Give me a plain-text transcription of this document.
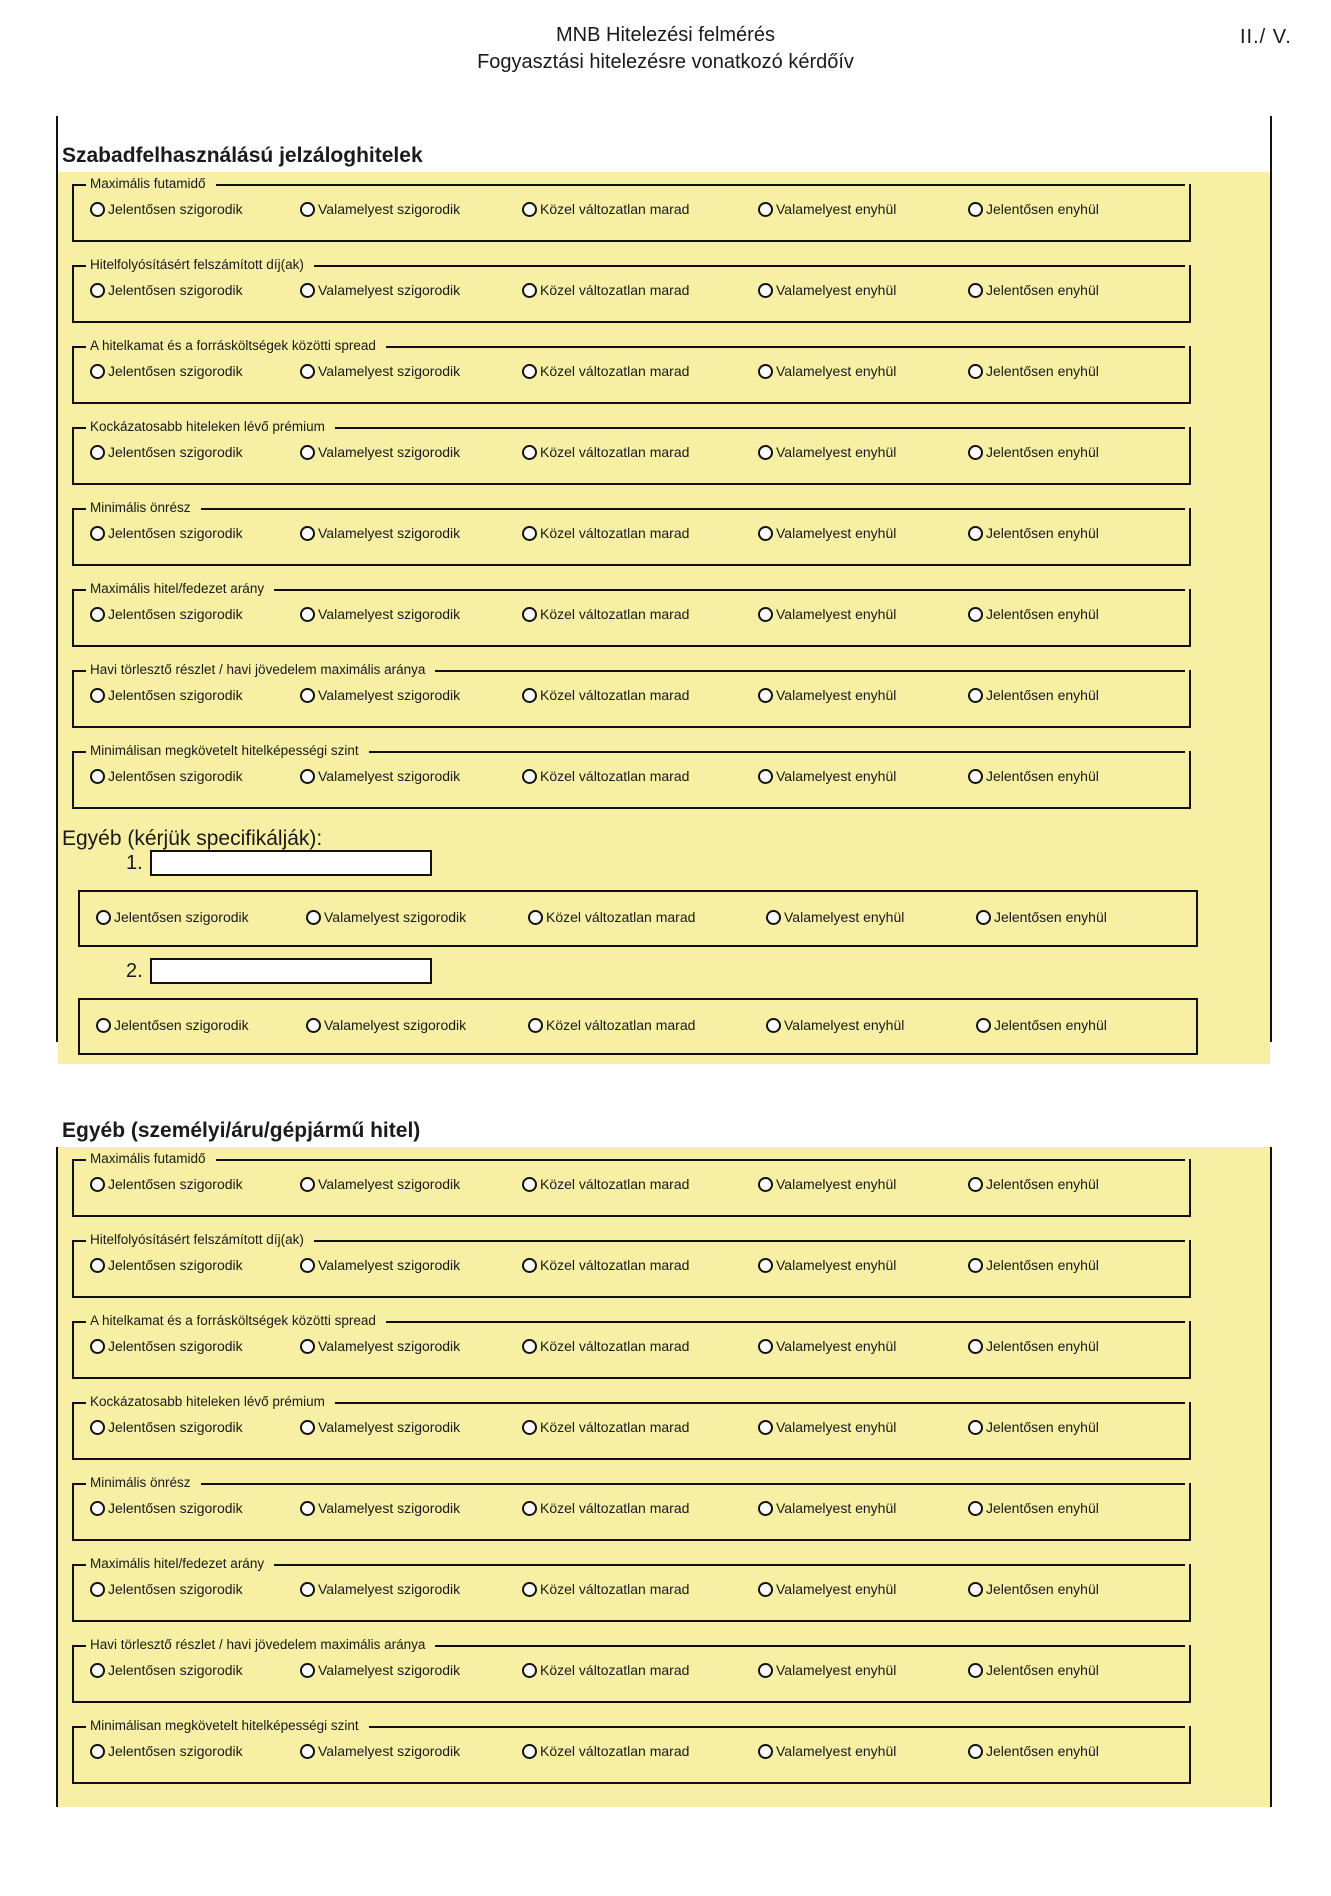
MNB Hitelezési felmérés
Fogyasztási hitelezésre vonatkozó kérdőív
II./ V.
Szabadfelhasználású jelzáloghitelek
Maximális futamidő
Jelentősen szigorodik	Valamelyest szigorodik	Közel változatlan marad	Valamelyest enyhül	Jelentősen enyhül
Hitelfolyósításért felszámított díj(ak)
Jelentősen szigorodik	Valamelyest szigorodik	Közel változatlan marad	Valamelyest enyhül	Jelentősen enyhül
A hitelkamat és a forrásköltségek közötti spread
Jelentősen szigorodik	Valamelyest szigorodik	Közel változatlan marad	Valamelyest enyhül	Jelentősen enyhül
Kockázatosabb hiteleken lévő prémium
Jelentősen szigorodik	Valamelyest szigorodik	Közel változatlan marad	Valamelyest enyhül	Jelentősen enyhül
Minimális önrész
Jelentősen szigorodik	Valamelyest szigorodik	Közel változatlan marad	Valamelyest enyhül	Jelentősen enyhül
Maximális hitel/fedezet arány
Jelentősen szigorodik	Valamelyest szigorodik	Közel változatlan marad	Valamelyest enyhül	Jelentősen enyhül
Havi törlesztő részlet / havi jövedelem maximális aránya
Jelentősen szigorodik	Valamelyest szigorodik	Közel változatlan marad	Valamelyest enyhül	Jelentősen enyhül
Minimálisan megkövetelt hitelképességi szint
Jelentősen szigorodik	Valamelyest szigorodik	Közel változatlan marad	Valamelyest enyhül	Jelentősen enyhül
Egyéb (kérjük specifikálják):
1.
Jelentősen szigorodik	Valamelyest szigorodik	Közel változatlan marad	Valamelyest enyhül	Jelentősen enyhül
2.
Jelentősen szigorodik	Valamelyest szigorodik	Közel változatlan marad	Valamelyest enyhül	Jelentősen enyhül
Egyéb (személyi/áru/gépjármű hitel)
Maximális futamidő
Jelentősen szigorodik	Valamelyest szigorodik	Közel változatlan marad	Valamelyest enyhül	Jelentősen enyhül
Hitelfolyósításért felszámított díj(ak)
Jelentősen szigorodik	Valamelyest szigorodik	Közel változatlan marad	Valamelyest enyhül	Jelentősen enyhül
A hitelkamat és a forrásköltségek közötti spread
Jelentősen szigorodik	Valamelyest szigorodik	Közel változatlan marad	Valamelyest enyhül	Jelentősen enyhül
Kockázatosabb hiteleken lévő prémium
Jelentősen szigorodik	Valamelyest szigorodik	Közel változatlan marad	Valamelyest enyhül	Jelentősen enyhül
Minimális önrész
Jelentősen szigorodik	Valamelyest szigorodik	Közel változatlan marad	Valamelyest enyhül	Jelentősen enyhül
Maximális hitel/fedezet arány
Jelentősen szigorodik	Valamelyest szigorodik	Közel változatlan marad	Valamelyest enyhül	Jelentősen enyhül
Havi törlesztő részlet / havi jövedelem maximális aránya
Jelentősen szigorodik	Valamelyest szigorodik	Közel változatlan marad	Valamelyest enyhül	Jelentősen enyhül
Minimálisan megkövetelt hitelképességi szint
Jelentősen szigorodik	Valamelyest szigorodik	Közel változatlan marad	Valamelyest enyhül	Jelentősen enyhül
